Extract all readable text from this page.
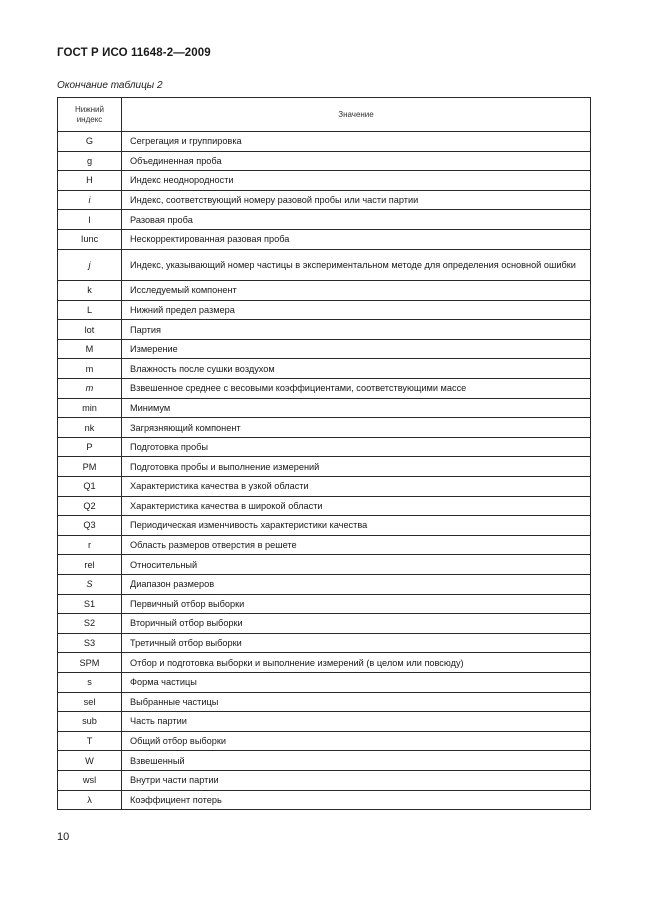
ГОСТ Р ИСО 11648-2—2009
Окончание таблицы 2
Нижний
индекс	Значение
G	Сегрегация и группировка
g	Объединенная проба
H	Индекс неоднородности
i	Индекс, соответствующий номеру разовой пробы или части партии
I	Разовая проба
Iunc	Нескорректированная разовая проба
j	Индекс, указывающий номер частицы в экспериментальном методе для определения основной ошибки
k	Исследуемый компонент
L	Нижний предел размера
lot	Партия
M	Измерение
m	Влажность после сушки воздухом
m	Взвешенное среднее с весовыми коэффициентами, соответствующими массе
min	Минимум
nk	Загрязняющий компонент
P	Подготовка пробы
PM	Подготовка пробы и выполнение измерений
Q1	Характеристика качества в узкой области
Q2	Характеристика качества в широкой области
Q3	Периодическая изменчивость характеристики качества
r	Область размеров отверстия в решете
rel	Относительный
S	Диапазон размеров
S1	Первичный отбор выборки
S2	Вторичный отбор выборки
S3	Третичный отбор выборки
SPM	Отбор и подготовка выборки и выполнение измерений (в целом или повсюду)
s	Форма частицы
sel	Выбранные частицы
sub	Часть партии
T	Общий отбор выборки
W	Взвешенный
wsl	Внутри части партии
λ	Коэффициент потерь
10
